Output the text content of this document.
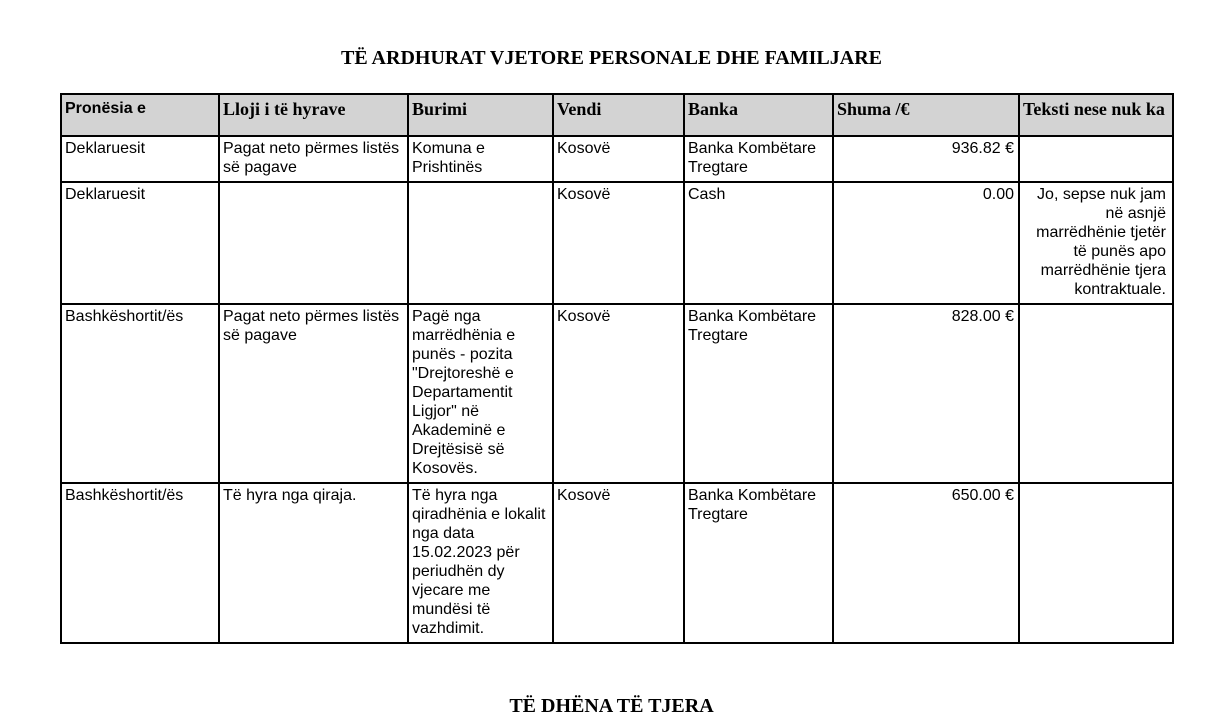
TË ARDHURAT VJETORE PERSONALE DHE FAMILJARE
Pronësia e	Lloji i të hyrave	Burimi	Vendi	Banka	Shuma /€	Teksti nese nuk ka
Deklaruesit	Pagat neto përmes listës së pagave	Komuna e Prishtinës	Kosovë	Banka Kombëtare Tregtare	936.82 €	
Deklaruesit			Kosovë	Cash	0.00	Jo, sepse nuk jam në asnjë marrëdhënie tjetër të punës apo marrëdhënie tjera kontraktuale.
Bashkëshortit/ës	Pagat neto përmes listës së pagave	Pagë nga marrëdhënia e punës - pozita "Drejtoreshë e Departamentit Ligjor" në Akademinë e Drejtësisë së Kosovës.	Kosovë	Banka Kombëtare Tregtare	828.00 €	
Bashkëshortit/ës	Të hyra nga qiraja.	Të hyra nga qiradhënia e lokalit nga data 15.02.2023 për periudhën dy vjecare me mundësi të vazhdimit.	Kosovë	Banka Kombëtare Tregtare	650.00 €	
TË DHËNA TË TJERA
